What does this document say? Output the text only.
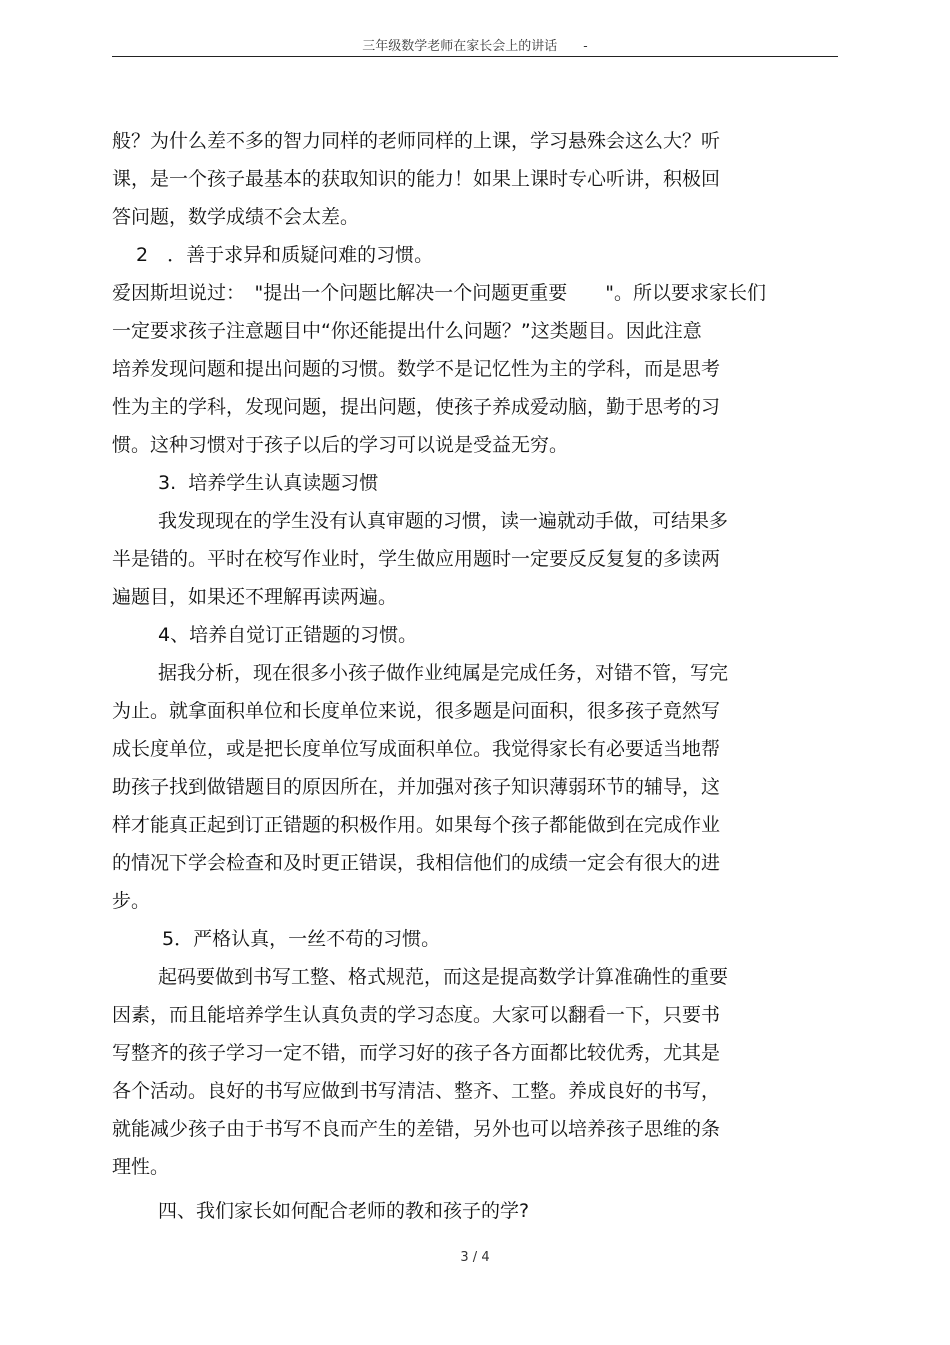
三年级数学老师在家长会上的讲话　　-
般？为什么差不多的智力同样的老师同样的上课，学习悬殊会这么大？听
课，是一个孩子最基本的获取知识的能力！如果上课时专心听讲，积极回
答问题，数学成绩不会太差。
2　．善于求异和质疑问难的习惯。
爱因斯坦说过：　"提出一个问题比解决一个问题更重要　　"。所以要求家长们
一定要求孩子注意题目中“你还能提出什么问题？”这类题目。因此注意
培养发现问题和提出问题的习惯。数学不是记忆性为主的学科，而是思考
性为主的学科，发现问题，提出问题，使孩子养成爱动脑，勤于思考的习
惯。这种习惯对于孩子以后的学习可以说是受益无穷。
3.  培养学生认真读题习惯
我发现现在的学生没有认真审题的习惯，读一遍就动手做，可结果多
半是错的。平时在校写作业时，学生做应用题时一定要反反复复的多读两
遍题目，如果还不理解再读两遍。
4、培养自觉订正错题的习惯。
据我分析，现在很多小孩子做作业纯属是完成任务，对错不管，写完
为止。就拿面积单位和长度单位来说，很多题是问面积，很多孩子竟然写
成长度单位，或是把长度单位写成面积单位。我觉得家长有必要适当地帮
助孩子找到做错题目的原因所在，并加强对孩子知识薄弱环节的辅导，这
样才能真正起到订正错题的积极作用。如果每个孩子都能做到在完成作业
的情况下学会检查和及时更正错误，我相信他们的成绩一定会有很大的进
步。
5．严格认真，一丝不苟的习惯。
起码要做到书写工整、格式规范，而这是提高数学计算准确性的重要
因素，而且能培养学生认真负责的学习态度。大家可以翻看一下，只要书
写整齐的孩子学习一定不错，而学习好的孩子各方面都比较优秀，尤其是
各个活动。良好的书写应做到书写清洁、整齐、工整。养成良好的书写，
就能减少孩子由于书写不良而产生的差错，另外也可以培养孩子思维的条
理性。
四、我们家长如何配合老师的教和孩子的学?
3 / 4
